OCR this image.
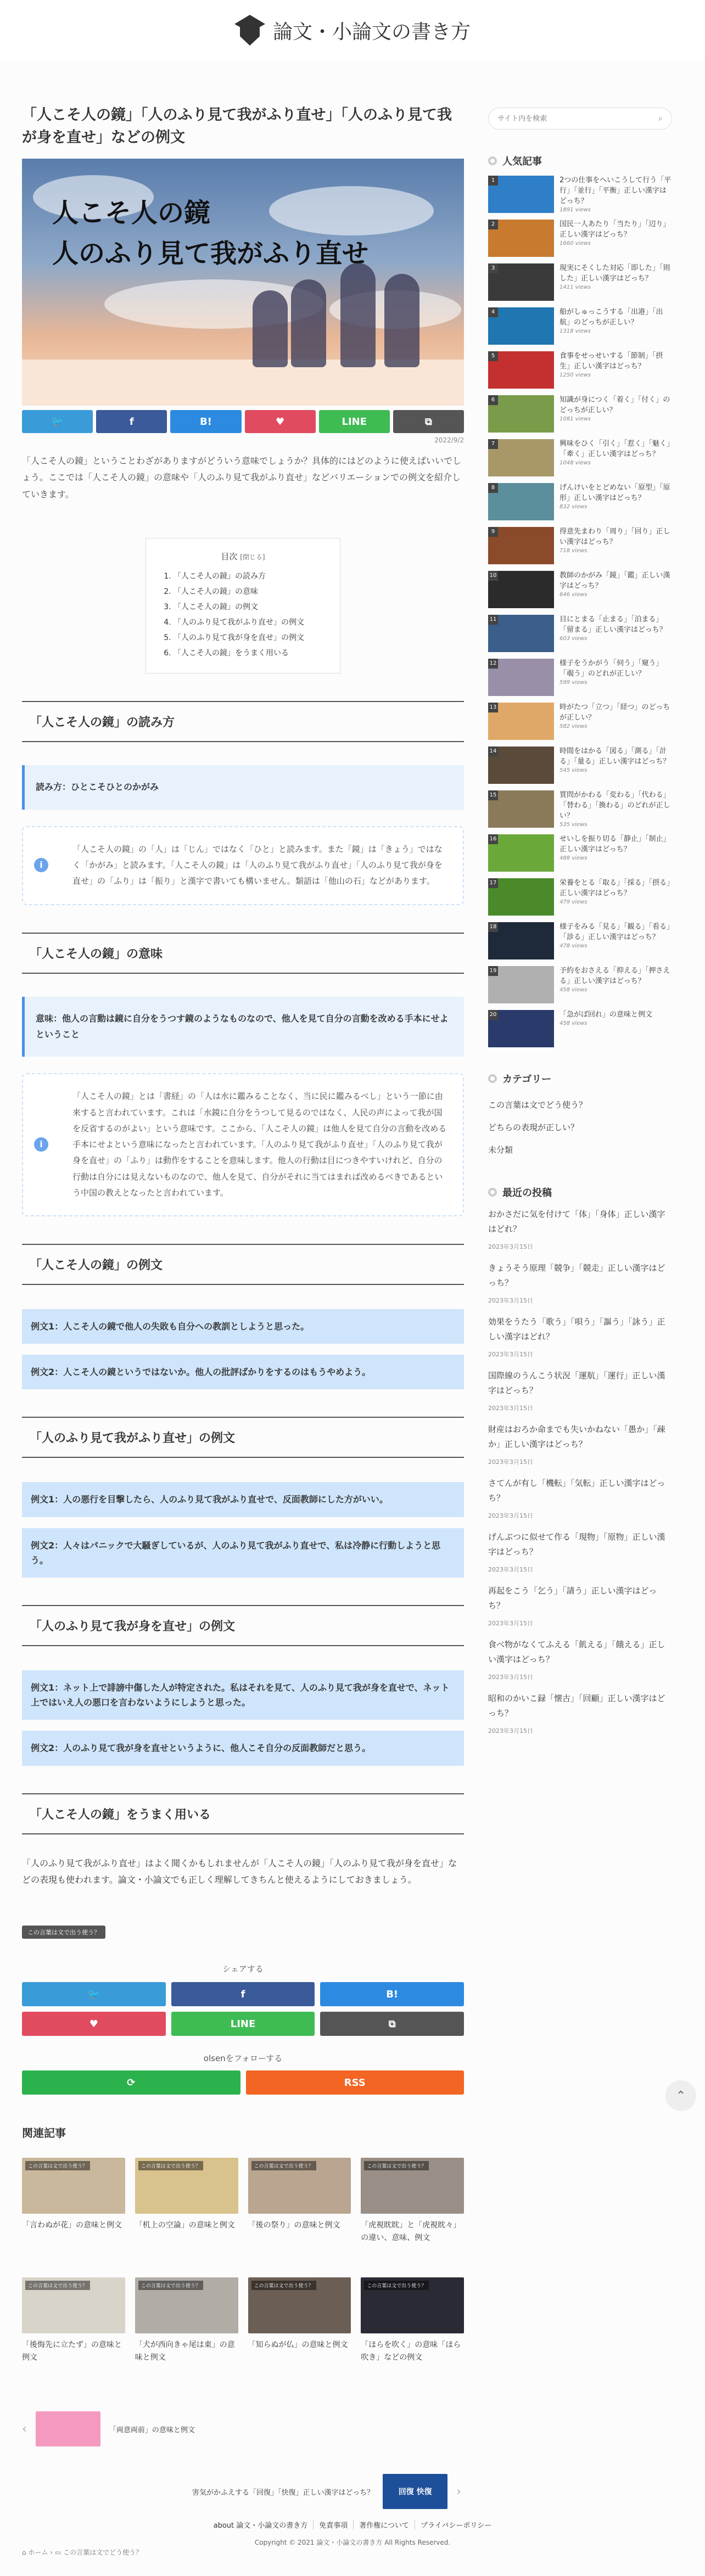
論文・小論文の書き方
「人こそ人の鏡」「人のふり見て我がふり直せ」「人のふり見て我が身を直せ」などの例文
人こそ人の鏡
人のふり見て我がふり直せ
🐦	f	B!	♥	LINE	⧉
2022/9/2

「人こそ人の鏡」ということわざがありますがどういう意味でしょうか？具体的にはどのように使えばいいでしょう。ここでは「人こそ人の鏡」の意味や「人のふり見て我がふり直せ」などバリエーションでの例文を紹介していきます。

目次 [閉じる]
1. 「人こそ人の鏡」の読み方
2. 「人こそ人の鏡」の意味
3. 「人こそ人の鏡」の例文
4. 「人のふり見て我がふり直せ」の例文
5. 「人のふり見て我が身を直せ」の例文
6. 「人こそ人の鏡」をうまく用いる
「人こそ人の鏡」の読み方
読み方：ひとこそひとのかがみ
i
「人こそ人の鏡」の「人」は「じん」ではなく「ひと」と読みます。また「鏡」は「きょう」ではなく「かがみ」と読みます。「人こそ人の鏡」は「人のふり見て我がふり直せ」「人のふり見て我が身を直せ」の「ふり」は「振り」と漢字で書いても構いません。類語は「他山の石」などがあります。
「人こそ人の鏡」の意味
意味：他人の言動は鏡に自分をうつす鏡のようなものなので、他人を見て自分の言動を改める手本にせよということ
i
「人こそ人の鏡」とは「書経」の「人は水に鑑みることなく、当に民に鑑みるべし」という一節に由来すると言われています。これは「水鏡に自分をうつして見るのではなく、人民の声によって我が国を反省するのがよい」という意味です。ここから、「人こそ人の鏡」は他人を見て自分の言動を改める手本にせよという意味になったと言われています。「人のふり見て我がふり直せ」「人のふり見て我が身を直せ」の「ふり」は動作をすることを意味します。他人の行動は目につきやすいけれど、自分の行動は自分には見えないものなので、他人を見て、自分がそれに当てはまれば改めるべきであるという中国の教えとなったと言われています。
「人こそ人の鏡」の例文
例文1：人こそ人の鏡で他人の失敗も自分への教訓としようと思った。
例文2：人こそ人の鏡というではないか。他人の批評ばかりをするのはもうやめよう。
「人のふり見て我がふり直せ」の例文
例文1：人の悪行を目撃したら、人のふり見て我がふり直せで、反面教師にした方がいい。
例文2：人々はパニックで大騒ぎしているが、人のふり見て我がふり直せで、私は冷静に行動しようと思う。
「人のふり見て我が身を直せ」の例文
例文1：ネット上で誹謗中傷した人が特定された。私はそれを見て、人のふり見て我が身を直せで、ネット上ではいえ人の悪口を言わないようにしようと思った。
例文2：人のふり見て我が身を直せというように、他人こそ自分の反面教師だと思う。
「人こそ人の鏡」をうまく用いる

「人のふり見て我がふり直せ」はよく聞くかもしれませんが「人こそ人の鏡」「人のふり見て我が身を直せ」などの表現も使われます。論文・小論文でも正しく理解してきちんと使えるようにしておきましょう。

この言葉は文で出う使う？
シェアする
🐦	f	B!
♥	LINE	⧉
olsenをフォローする
⟳	RSS
関連記事
この言葉は文で出う使う？
「言わぬが花」の意味と例文
この言葉は文で出う使う？
「机上の空論」の意味と例文
この言葉は文で出う使う？
「後の祭り」の意味と例文
この言葉は文で出う使う？
「虎視眈眈」と「虎視眈々」の違い、意味、例文
この言葉は文で出う使う？
「後悔先に立たず」の意味と例文
この言葉は文で出う使う？
「犬が西向きゃ尾は東」の意味と例文
この言葉は文で出う使う？
「知らぬが仏」の意味と例文
この言葉は文で出う使う？
「ほらを吹く」の意味「ほら吹き」などの例文
‹	「両意両前」の意味と例文
害気がかふえする「回復」「快復」正しい漢字はどっち？	回復 快復	›
⌂ ホーム › ▭ この言葉は文でどう使う？
サイト内を検索
⌕
人気記事
1	2つの仕事をへいこうして行う「平行」「並行」「平衡」正しい漢字はどっち？
1891 views
2	国民一人あたり「当たり」「辺り」正しい漢字はどっち？
1660 views
3	現実にそくした対応「即した」「則した」正しい漢字はどっち？
1411 views
4	船がしゅっこうする「出港」「出航」のどっちが正しい？
1318 views
5	食事をせっせいする「節制」「摂生」正しい漢字はどっち？
1250 views
6	知識が身につく「着く」「付く」のどっちが正しい？
1081 views
7	興味をひく「引く」「惹く」「魅く」「牽く」正しい漢字はどっち？
1048 views
8	げんけいをとどめない「原型」「原形」正しい漢字はどっち？
832 views
9	得意先まわり「周り」「回り」正しい漢字はどっち？
718 views
10	教師のかがみ「鏡」「鑑」正しい漢字はどっち？
646 views
11	目にとまる「止まる」「泊まる」「留まる」正しい漢字はどっち？
603 views
12	様子をうかがう「伺う」「窺う」「覗う」のどれが正しい？
599 views
13	時がたつ「立つ」「経つ」のどっちが正しい？
582 views
14	時間をはかる「図る」「測る」「計る」「量る」正しい漢字はどっち？
545 views
15	質問がかわる「変わる」「代わる」「替わる」「換わる」のどれが正しい？
535 views
16	せいしを振り切る「静止」「制止」正しい漢字はどっち？
488 views
17	栄養をとる「取る」「採る」「摂る」正しい漢字はどっち？
479 views
18	様子をみる「見る」「観る」「看る」「診る」正しい漢字はどっち？
478 views
19	予約をおさえる「抑える」「押さえる」正しい漢字はどっち？
458 views
20	「急がば回れ」の意味と例文
458 views
カテゴリー
この言葉は文でどう使う？
どちらの表現が正しい？
未分類
最近の投稿
おかさだに気を付けて「体」「身体」正しい漢字はどれ？
2023年3月15日
きょうそう原理「競争」「競走」正しい漢字はどっち？
2023年3月15日
効果をうたう「歌う」「唄う」「謳う」「詠う」正しい漢字はどれ？
2023年3月15日
国際線のうんこう状況「運航」「運行」正しい漢字はどっち？
2023年3月15日
財産はおろか命までも失いかねない「愚か」「疎か」正しい漢字はどっち？
2023年3月15日
さてんが有し「機転」「気転」正しい漢字はどっち？
2023年3月15日
げんぶつに似せて作る「現物」「原物」正しい漢字はどっち？
2023年3月15日
再起をこう「乞う」「請う」正しい漢字はどっち？
2023年3月15日
食べ物がなくてふえる「飢える」「餓える」正しい漢字はどっち？
2023年3月15日
昭和のかいこ録「懐古」「回顧」正しい漢字はどっち？
2023年3月15日
⌃
about 論文・小論文の書き方	免責事項	著作権について	プライバシーポリシー
Copyright © 2021 論文・小論文の書き方 All Rights Reserved.
